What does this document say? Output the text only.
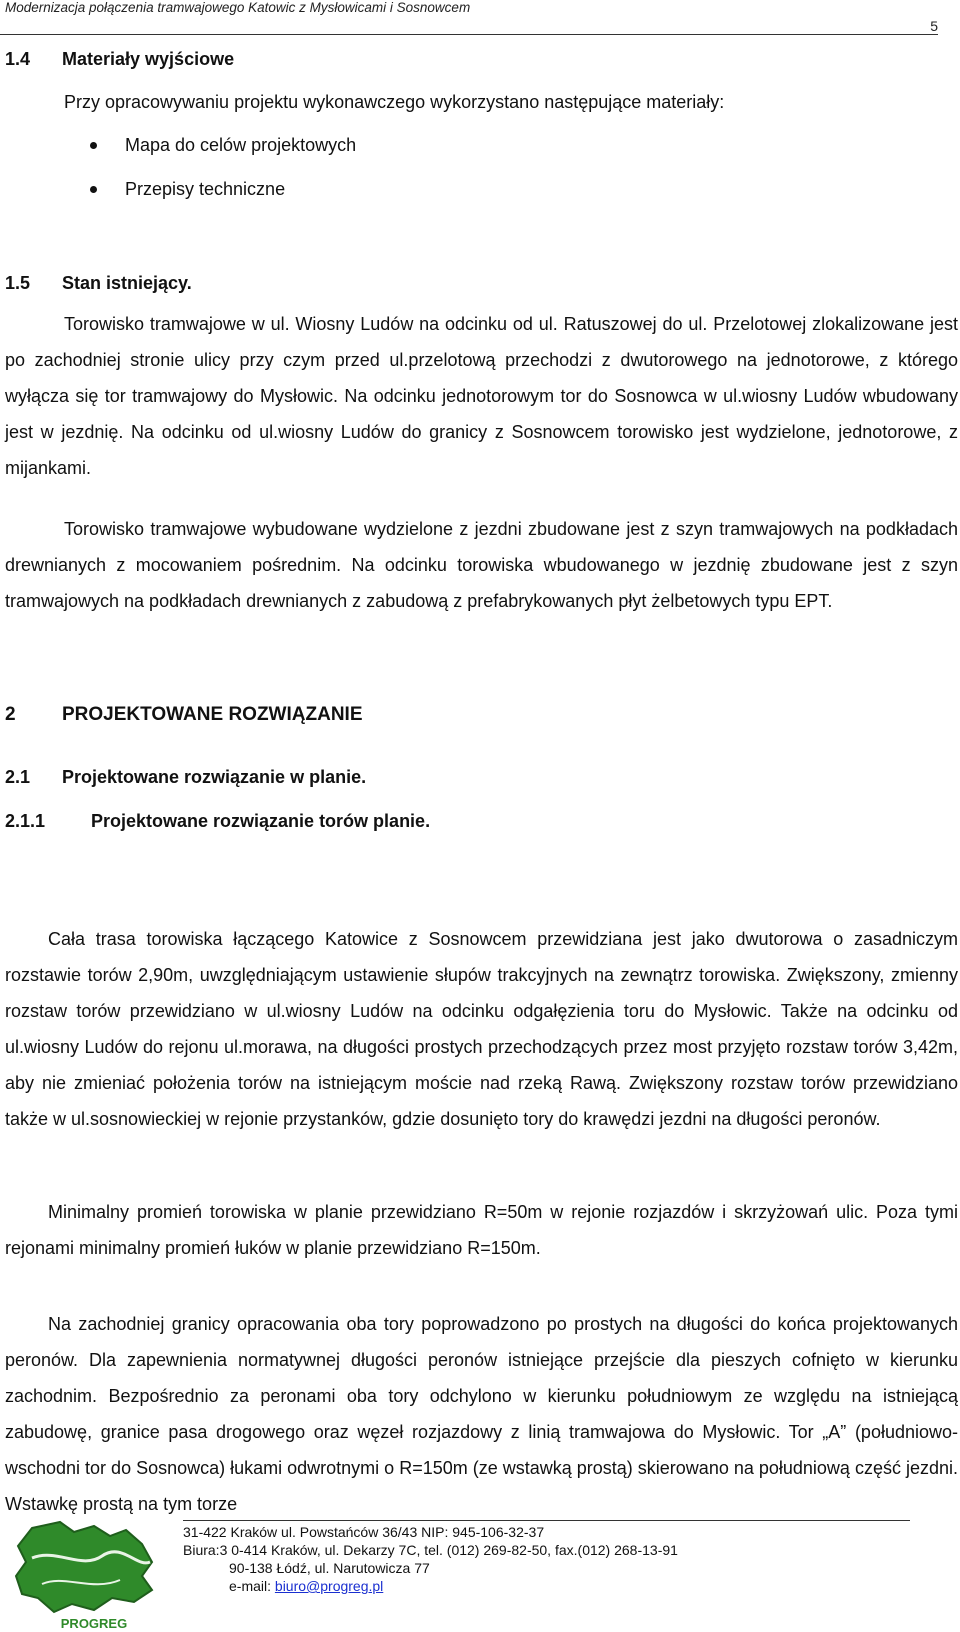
Modernizacja połączenia tramwajowego Katowic z Mysłowicami i Sosnowcem
5
1.4 Materiały wyjściowe

Przy opracowywaniu projektu wykonawczego wykorzystano następujące materiały:

Mapa do celów projektowych
Przepisy techniczne
1.5 Stan istniejący.

Torowisko tramwajowe w ul. Wiosny Ludów na odcinku od ul. Ratuszowej do ul. Przelotowej zlokalizowane jest po zachodniej stronie ulicy przy czym przed ul.przelotową przechodzi z dwutorowego na jednotorowe, z którego wyłącza się tor tramwajowy do Mysłowic. Na odcinku jednotorowym tor do Sosnowca w ul.wiosny Ludów wbudowany jest w jezdnię. Na odcinku od ul.wiosny Ludów do granicy z Sosnowcem torowisko jest wydzielone, jednotorowe, z mijankami.

Torowisko tramwajowe wybudowane wydzielone z jezdni zbudowane jest z szyn tramwajowych na podkładach drewnianych z mocowaniem pośrednim. Na odcinku torowiska wbudowanego w jezdnię zbudowane jest z szyn tramwajowych na podkładach drewnianych z zabudową z prefabrykowanych płyt żelbetowych typu EPT.

2 PROJEKTOWANE ROZWIĄZANIE
2.1 Projektowane rozwiązanie w planie.
2.1.1	Projektowane rozwiązanie torów planie.

Cała trasa torowiska łączącego Katowice z Sosnowcem przewidziana jest jako dwutorowa o zasadniczym rozstawie torów 2,90m, uwzględniającym ustawienie słupów trakcyjnych na zewnątrz torowiska. Zwiększony, zmienny rozstaw torów przewidziano w ul.wiosny Ludów na odcinku odgałęzienia toru do Mysłowic. Także na odcinku od ul.wiosny Ludów do rejonu ul.morawa, na długości prostych przechodzących przez most przyjęto rozstaw torów 3,42m, aby nie zmieniać położenia torów na istniejącym moście nad rzeką Rawą. Zwiększony rozstaw torów przewidziano także w ul.sosnowieckiej w rejonie przystanków, gdzie dosunięto tory do krawędzi jezdni na długości peronów.

Minimalny promień torowiska w planie przewidziano R=50m w rejonie rozjazdów i skrzyżowań ulic. Poza tymi rejonami minimalny promień łuków w planie przewidziano R=150m.

Na zachodniej granicy opracowania oba tory poprowadzono po prostych na długości do końca projektowanych peronów. Dla zapewnienia normatywnej długości peronów istniejące przejście dla pieszych cofnięto w kierunku zachodnim. Bezpośrednio za peronami oba tory odchylono w kierunku południowym ze względu na istniejącą zabudowę, granice pasa drogowego oraz węzeł rozjazdowy z linią tramwajowa do Mysłowic. Tor „A” (południowo-wschodni tor do Sosnowca) łukami odwrotnymi o R=150m (ze wstawką prostą) skierowano na południową część jezdni. Wstawkę prostą na tym torze

PROGREG
31-422 Kraków ul. Powstańców 36/43 NIP: 945-106-32-37
Biura:3 0-414 Kraków, ul. Dekarzy 7C, tel. (012) 269-82-50, fax.(012) 268-13-91
90-138 Łódź, ul. Narutowicza 77
e-mail: biuro@progreg.pl
